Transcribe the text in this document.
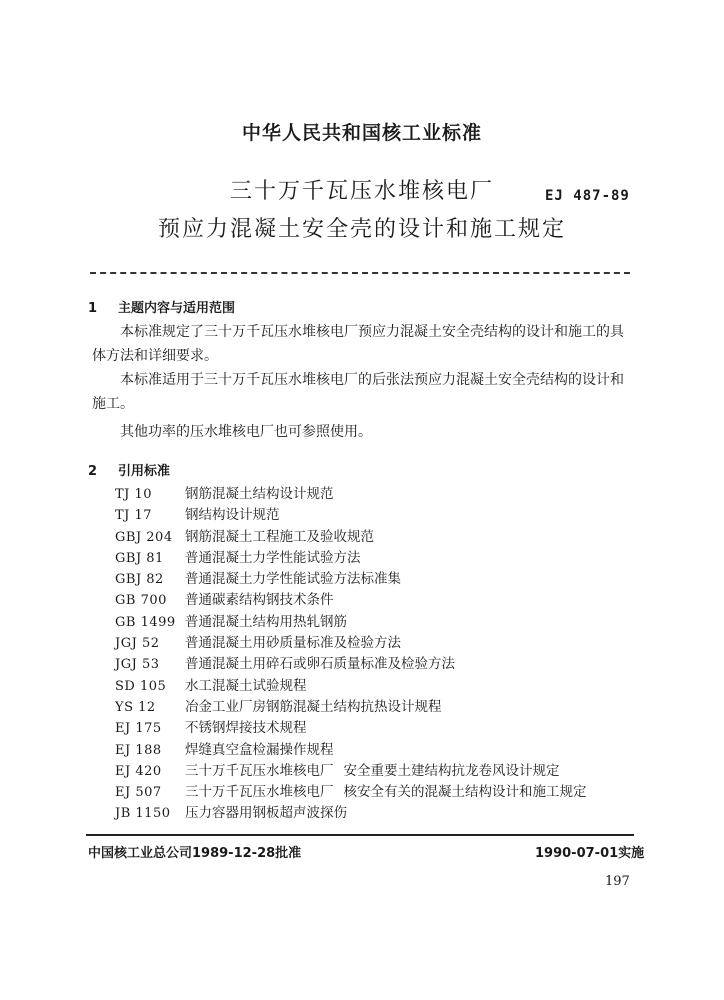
中华人民共和国核工业标准
三十万千瓦压水堆核电厂
预应力混凝土安全壳的设计和施工规定
EJ 487-89
1 主题内容与适用范围
本标准规定了三十万千瓦压水堆核电厂预应力混凝土安全壳结构的设计和施工的具体方法和详细要求。
本标准适用于三十万千瓦压水堆核电厂的后张法预应力混凝土安全壳结构的设计和施工。
其他功率的压水堆核电厂也可参照使用。
2 引用标准
TJ 10 钢筋混凝土结构设计规范
TJ 17 钢结构设计规范
GBJ 204 钢筋混凝土工程施工及验收规范
GBJ 81 普通混凝土力学性能试验方法
GBJ 82 普通混凝土力学性能试验方法标准集
GB 700 普通碳素结构钢技术条件
GB 1499 普通混凝土结构用热轧钢筋
JGJ 52 普通混凝土用砂质量标准及检验方法
JGJ 53 普通混凝土用碎石或卵石质量标准及检验方法
SD 105 水工混凝土试验规程
YS 12 冶金工业厂房钢筋混凝土结构抗热设计规程
EJ 175 不锈钢焊接技术规程
EJ 188 焊缝真空盒检漏操作规程
EJ 420 三十万千瓦压水堆核电厂 安全重要土建结构抗龙卷风设计规定
EJ 507 三十万千瓦压水堆核电厂 核安全有关的混凝土结构设计和施工规定
JB 1150 压力容器用钢板超声波探伤
中国核工业总公司1989-12-28批准	1990-07-01实施
197
